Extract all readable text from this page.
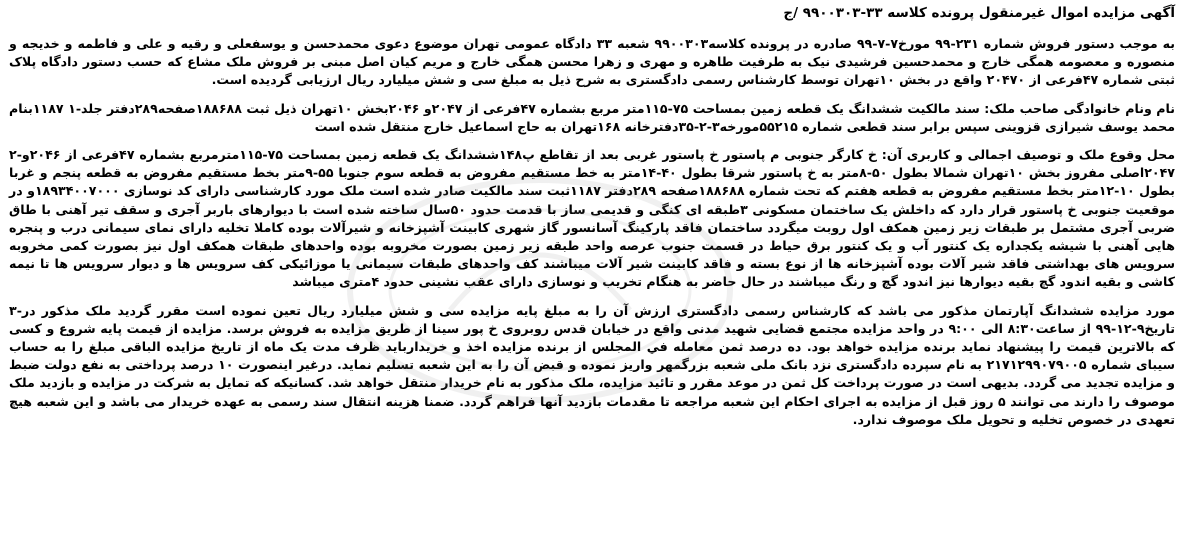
آگهی مزایده اموال غیرمنقول پرونده کلاسه ۳۳-۹۹۰۰۳۰۳ /ج

به موجب دستور فروش شماره ۲۳۱-۹۹ مورخ۷-۷-۹۹ صادره در پرونده کلاسه۹۹۰۰۳۰۳ شعبه ۳۳ دادگاه عمومی تهران موضوع دعوی محمدحسن و یوسفعلی و رقیه و علی و فاطمه و خدیجه و منصوره و معصومه همگی خارج و محمدحسین فرشیدی نیک به طرفیت طاهره و مهری و زهرا محسن همگی خارج و مریم کیان اصل مبنی بر فروش ملک مشاع که حسب دستور دادگاه پلاک ثبتی شماره ۴۷فرعی از ۲۰۴۷۰ واقع در بخش ۱۰تهران توسط کارشناس رسمی دادگستری به شرح ذیل به مبلغ سی و شش میلیارد ریال ارزیابی گردیده است.

نام ونام خانوادگی صاحب ملک: سند مالکیت ششدانگ یک قطعه زمین بمساحت ۷۵-۱۱۵متر مربع بشماره ۴۷فرعی از ۲۰۴۷و ۲۰۴۶بخش ۱۰تهران ذیل ثبت ۱۸۸۶۸۸صفحه۲۸۹دفتر جلد-۱ ۱۱۸۷بنام محمد یوسف شیرازی قزوینی سپس برابر سند قطعی شماره ۵۵۲۱۵مورخه۳-۲-۳۵دفترخانه ۱۶۸تهران به حاج اسماعیل خارج منتقل شده است

محل وقوع ملک و توصیف اجمالی و کاربری آن: خ کارگر جنوبی م پاستور خ پاستور غربی بعد از تقاطع پ۱۴۸ششدانگ یک قطعه زمین بمساحت ۷۵-۱۱۵مترمربع بشماره ۴۷فرعی از ۲۰۴۶و-۲ ۲۰۴۷اصلی مفروز بخش ۱۰تهران شمالا بطول ۵۰-۸متر به خ پاستور شرقا بطول ۴۰-۱۴متر به خط مستقیم مفروض به قطعه سوم جنوبا ۵۵-۹متر بخط مستقیم مفروض به قطعه پنجم و غربا بطول ۱۰-۱۲متر بخط مستقیم مفروض به قطعه هفتم که تحت شماره ۱۸۸۶۸۸صفحه ۲۸۹دفتر ۱۱۸۷ثبت سند مالکیت صادر شده است ملک مورد کارشناسی دارای کد نوسازی ۱۸۹۳۴۰۰۷۰۰۰و در موقعیت جنوبی خ پاستور قرار دارد که داخلش یک ساختمان مسکونی ۳طبقه ای کنگی و قدیمی ساز با قدمت حدود ۵۰سال ساخته شده است با دیوارهای باربر آجری و سقف تیر آهنی با طاق ضربی آجری مشتمل بر طبقات زیر زمین همکف اول روبت میگردد ساختمان فاقد پارکینگ آسانسور گاز شهری کابینت آشپزخانه و شیرآلات بوده کاملا تخلیه دارای نمای سیمانی درب و پنجره هایی آهنی با شیشه یکجداره یک کنتور آب و یک کنتور برق حیاط در قسمت جنوب عرصه واحد طبقه زیر زمین بصورت مخروبه بوده واحدهای طبقات همکف اول نیز بصورت کمی مخروبه سرویس های بهداشتی فاقد شیر آلات بوده آشپزخانه ها از نوع بسته و فاقد کابینت شیر آلات میباشند کف واحدهای طبقات سیمانی یا موزائیکی کف سرویس ها و دیوار سرویس ها تا نیمه کاشی و بقیه اندود گچ بقیه دیوارها نیز اندود گچ و رنگ میباشند در حال حاضر به هنگام تخریب و نوسازی دارای عقب نشینی حدود ۴متری میباشد

مورد مزایده ششدانگ آپارتمان مذکور می باشد که کارشناس رسمی دادگستری ارزش آن را به مبلغ پایه مزایده سی و شش میلیارد ریال تعین نموده است مقرر گردید ملک مذکور در-۳ تاریخ۹-۱۲-۹۹ از ساعت۸:۳۰ الی ۹:۰۰ در واحد مزایده مجتمع قضایی شهید مدنی واقع در خیابان قدس روبروی خ پور سینا از طریق مزایده به فروش برسد. مزایده از قیمت پایه شروع و کسی که بالاترین قیمت را پیشنهاد نماید برنده مزایده خواهد بود. ده درصد ثمن معامله في المجلس از برنده مزایده اخذ و خریدارباید ظرف مدت یک ماه از تاریخ مزایده الباقی مبلغ را به حساب سیبای شماره ۲۱۷۱۲۹۹۰۷۹۰۰۵ به نام سپرده دادگستری نزد بانک ملی شعبه بزرگمهر واریز نموده و قبض آن را به این شعبه تسلیم نماید. درغیر اینصورت ۱۰ درصد پرداختی به نفع دولت ضبط و مزایده تجدید می گردد. بدیهی است در صورت پرداخت کل ثمن در موعد مقرر و تائید مزایده، ملک مذکور به نام خریدار منتقل خواهد شد. کسانیکه که تمایل به شرکت در مزایده و بازدید ملک موصوف را دارند می توانند ۵ روز قبل از مزایده به اجرای احکام این شعبه مراجعه تا مقدمات بازدید آنها فراهم گردد. ضمنا هزینه انتقال سند رسمی به عهده خریدار می باشد و این شعبه هیچ تعهدی در خصوص تخلیه و تحویل ملک موصوف ندارد.
